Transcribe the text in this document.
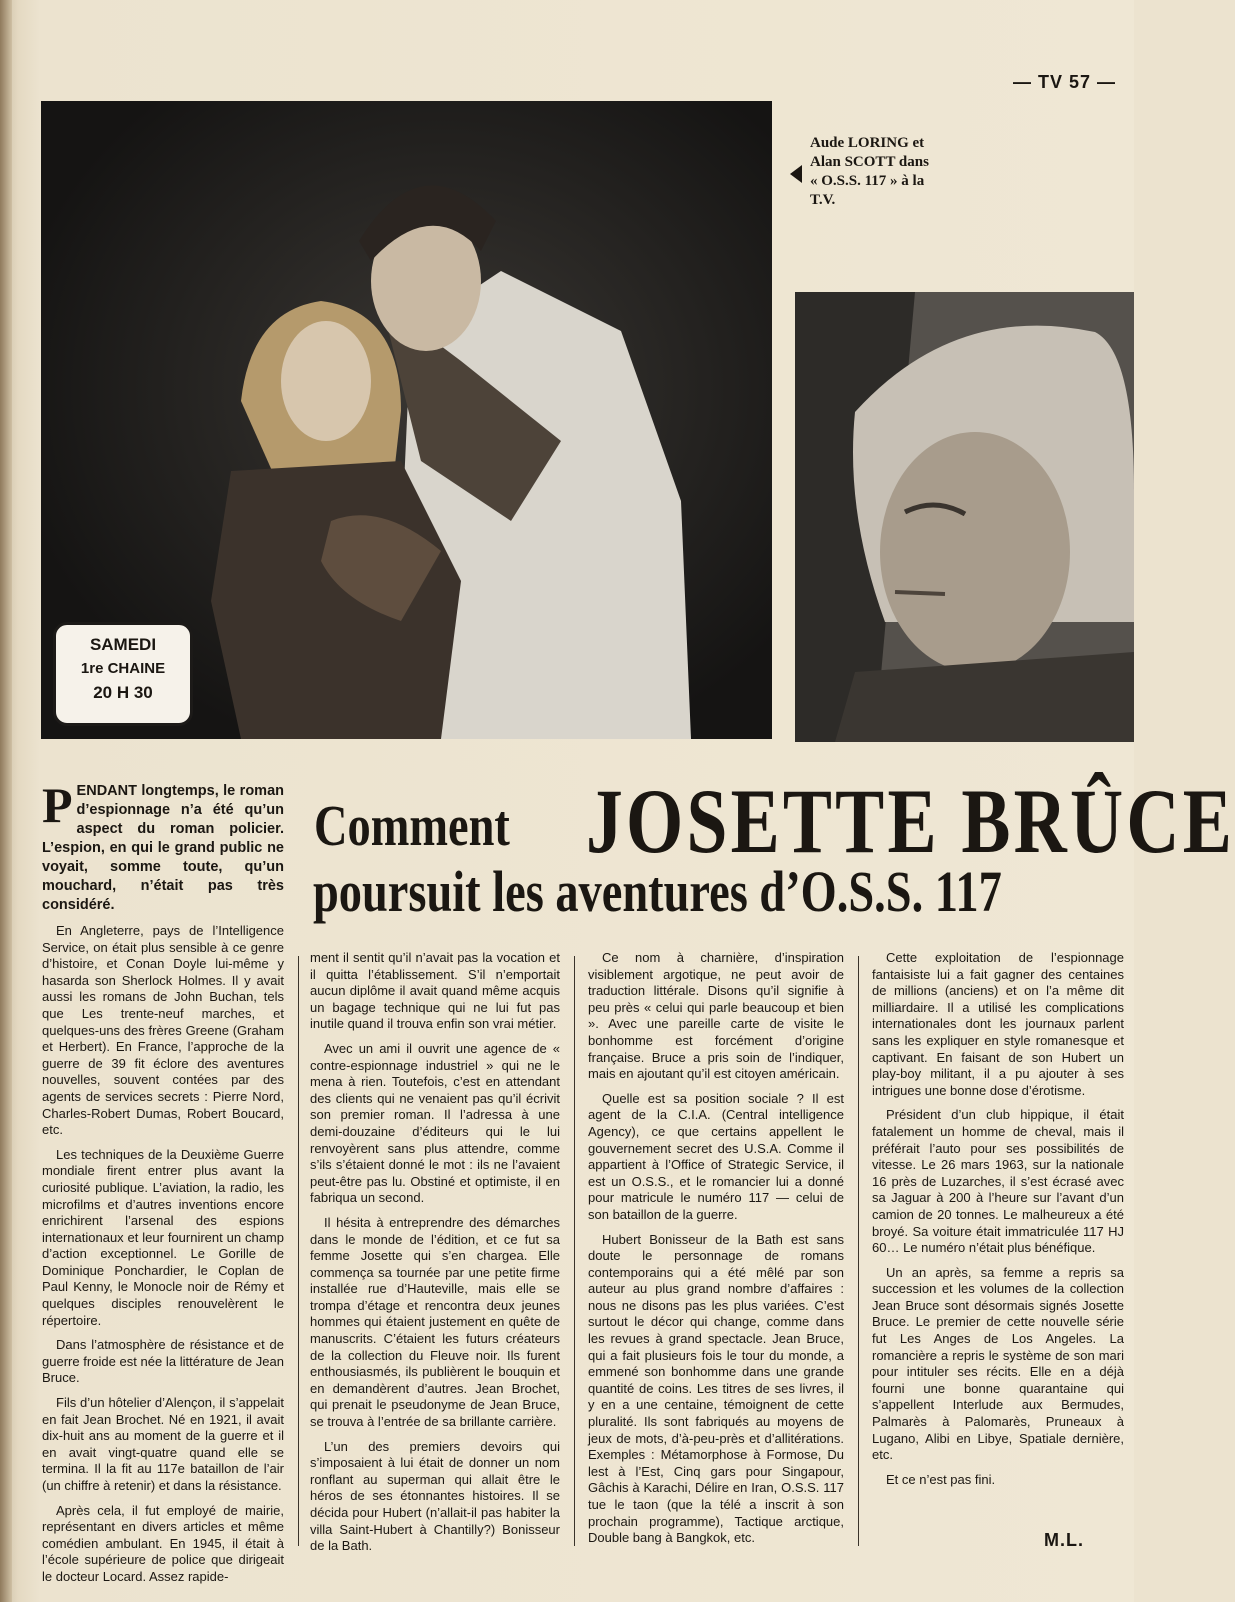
— TV 57 —
SAMEDI
1re CHAINE
20 H 30
Aude LORING et Alan SCOTT dans « O.S.S. 117 » à la T.V.
Comment JOSETTE BRÛCE
poursuit les aventures d’O.S.S. 117

PENDANT longtemps, le roman d’espionnage n’a été qu’un aspect du roman policier. L’espion, en qui le grand public ne voyait, somme toute, qu’un mouchard, n’était pas très considéré.

En Angleterre, pays de l’Intelligence Service, on était plus sensible à ce genre d’histoire, et Conan Doyle lui-même y hasarda son Sherlock Holmes. Il y avait aussi les romans de John Buchan, tels que Les trente-neuf marches, et quelques-uns des frères Greene (Graham et Herbert). En France, l’approche de la guerre de 39 fit éclore des aventures nouvelles, souvent contées par des agents de services secrets : Pierre Nord, Charles-Robert Dumas, Robert Boucard, etc.

Les techniques de la Deuxième Guerre mondiale firent entrer plus avant la curiosité publique. L’aviation, la radio, les microfilms et d’autres inventions encore enrichirent l’arsenal des espions internationaux et leur fournirent un champ d’action exceptionnel. Le Gorille de Dominique Ponchardier, le Coplan de Paul Kenny, le Monocle noir de Rémy et quelques disciples renouvelèrent le répertoire.

Dans l’atmosphère de résistance et de guerre froide est née la littérature de Jean Bruce.

Fils d’un hôtelier d’Alençon, il s’appelait en fait Jean Brochet. Né en 1921, il avait dix-huit ans au moment de la guerre et il en avait vingt-quatre quand elle se termina. Il la fit au 117e bataillon de l’air (un chiffre à retenir) et dans la résistance.

Après cela, il fut employé de mairie, représentant en divers articles et même comédien ambulant. En 1945, il était à l’école supérieure de police que dirigeait le docteur Locard. Assez rapide-

ment il sentit qu’il n’avait pas la vocation et il quitta l’établissement. S’il n’emportait aucun diplôme il avait quand même acquis un bagage technique qui ne lui fut pas inutile quand il trouva enfin son vrai métier.

Avec un ami il ouvrit une agence de « contre-espionnage industriel » qui ne le mena à rien. Toutefois, c’est en attendant des clients qui ne venaient pas qu’il écrivit son premier roman. Il l’adressa à une demi-douzaine d’éditeurs qui le lui renvoyèrent sans plus attendre, comme s’ils s’étaient donné le mot : ils ne l’avaient peut-être pas lu. Obstiné et optimiste, il en fabriqua un second.

Il hésita à entreprendre des démarches dans le monde de l’édition, et ce fut sa femme Josette qui s’en chargea. Elle commença sa tournée par une petite firme installée rue d’Hauteville, mais elle se trompa d’étage et rencontra deux jeunes hommes qui étaient justement en quête de manuscrits. C’étaient les futurs créateurs de la collection du Fleuve noir. Ils furent enthousiasmés, ils publièrent le bouquin et en demandèrent d’autres. Jean Brochet, qui prenait le pseudonyme de Jean Bruce, se trouva à l’entrée de sa brillante carrière.

L’un des premiers devoirs qui s’imposaient à lui était de donner un nom ronflant au superman qui allait être le héros de ses étonnantes histoires. Il se décida pour Hubert (n’allait-il pas habiter la villa Saint-Hubert à Chantilly?) Bonisseur de la Bath.

Ce nom à charnière, d’inspiration visiblement argotique, ne peut avoir de traduction littérale. Disons qu’il signifie à peu près « celui qui parle beaucoup et bien ». Avec une pareille carte de visite le bonhomme est forcément d’origine française. Bruce a pris soin de l’indiquer, mais en ajoutant qu’il est citoyen américain.

Quelle est sa position sociale ? Il est agent de la C.I.A. (Central intelligence Agency), ce que certains appellent le gouvernement secret des U.S.A. Comme il appartient à l’Office of Strategic Service, il est un O.S.S., et le romancier lui a donné pour matricule le numéro 117 — celui de son bataillon de la guerre.

Hubert Bonisseur de la Bath est sans doute le personnage de romans contemporains qui a été mêlé par son auteur au plus grand nombre d’affaires : nous ne disons pas les plus variées. C’est surtout le décor qui change, comme dans les revues à grand spectacle. Jean Bruce, qui a fait plusieurs fois le tour du monde, a emmené son bonhomme dans une grande quantité de coins. Les titres de ses livres, il y en a une centaine, témoignent de cette pluralité. Ils sont fabriqués au moyens de jeux de mots, d’à-peu-près et d’allitérations. Exemples : Métamorphose à Formose, Du lest à l’Est, Cinq gars pour Singapour, Gâchis à Karachi, Délire en Iran, O.S.S. 117 tue le taon (que la télé a inscrit à son prochain programme), Tactique arctique, Double bang à Bangkok, etc.

Cette exploitation de l’espionnage fantaisiste lui a fait gagner des centaines de millions (anciens) et on l’a même dit milliardaire. Il a utilisé les complications internationales dont les journaux parlent sans les expliquer en style romanesque et captivant. En faisant de son Hubert un play-boy militant, il a pu ajouter à ses intrigues une bonne dose d’érotisme.

Président d’un club hippique, il était fatalement un homme de cheval, mais il préférait l’auto pour ses possibilités de vitesse. Le 26 mars 1963, sur la nationale 16 près de Luzarches, il s’est écrasé avec sa Jaguar à 200 à l’heure sur l’avant d’un camion de 20 tonnes. Le malheureux a été broyé. Sa voiture était immatriculée 117 HJ 60… Le numéro n’était plus bénéfique.

Un an après, sa femme a repris sa succession et les volumes de la collection Jean Bruce sont désormais signés Josette Bruce. Le premier de cette nouvelle série fut Les Anges de Los Angeles. La romancière a repris le système de son mari pour intituler ses récits. Elle en a déjà fourni une bonne quarantaine qui s’appellent Interlude aux Bermudes, Palmarès à Palomarès, Pruneaux à Lugano, Alibi en Libye, Spatiale dernière, etc.

Et ce n’est pas fini.

M.L.
